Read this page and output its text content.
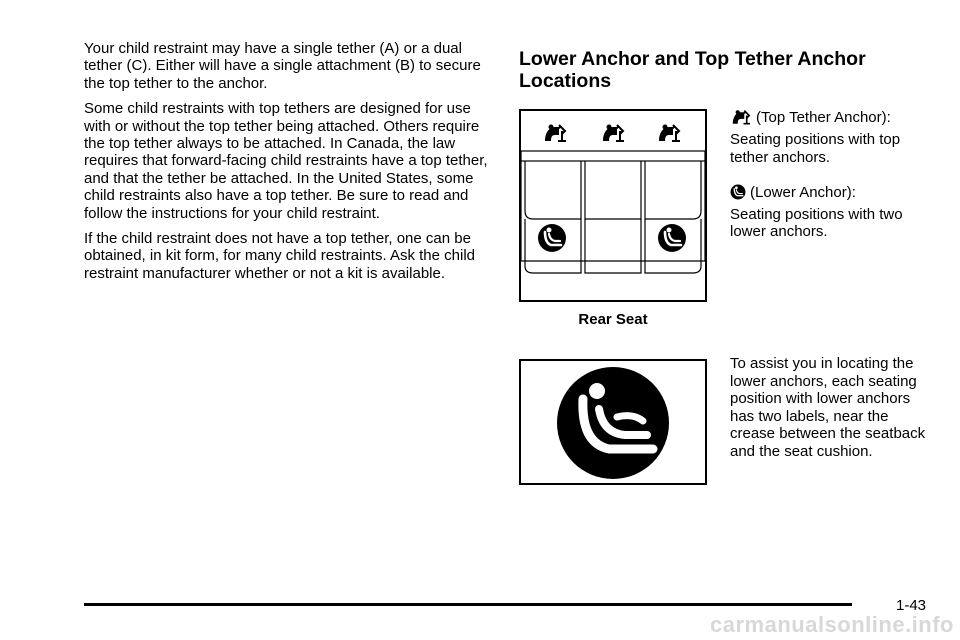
Your child restraint may have a single tether (A) or a dual tether (C). Either will have a single attachment (B) to secure the top tether to the anchor.

Some child restraints with top tethers are designed for use with or without the top tether being attached. Others require the top tether always to be attached. In Canada, the law requires that forward-facing child restraints have a top tether, and that the tether be attached. In the United States, some child restraints also have a top tether. Be sure to read and follow the instructions for your child restraint.

If the child restraint does not have a top tether, one can be obtained, in kit form, for many child restraints. Ask the child restraint manufacturer whether or not a kit is available.

Lower Anchor and Top Tether Anchor Locations
Rear Seat
(Top Tether Anchor):

Seating positions with top tether anchors.

(Lower Anchor):

Seating positions with two lower anchors.

To assist you in locating the lower anchors, each seating position with lower anchors has two labels, near the crease between the seatback and the seat cushion.

1-43
carmanualsonline.info
